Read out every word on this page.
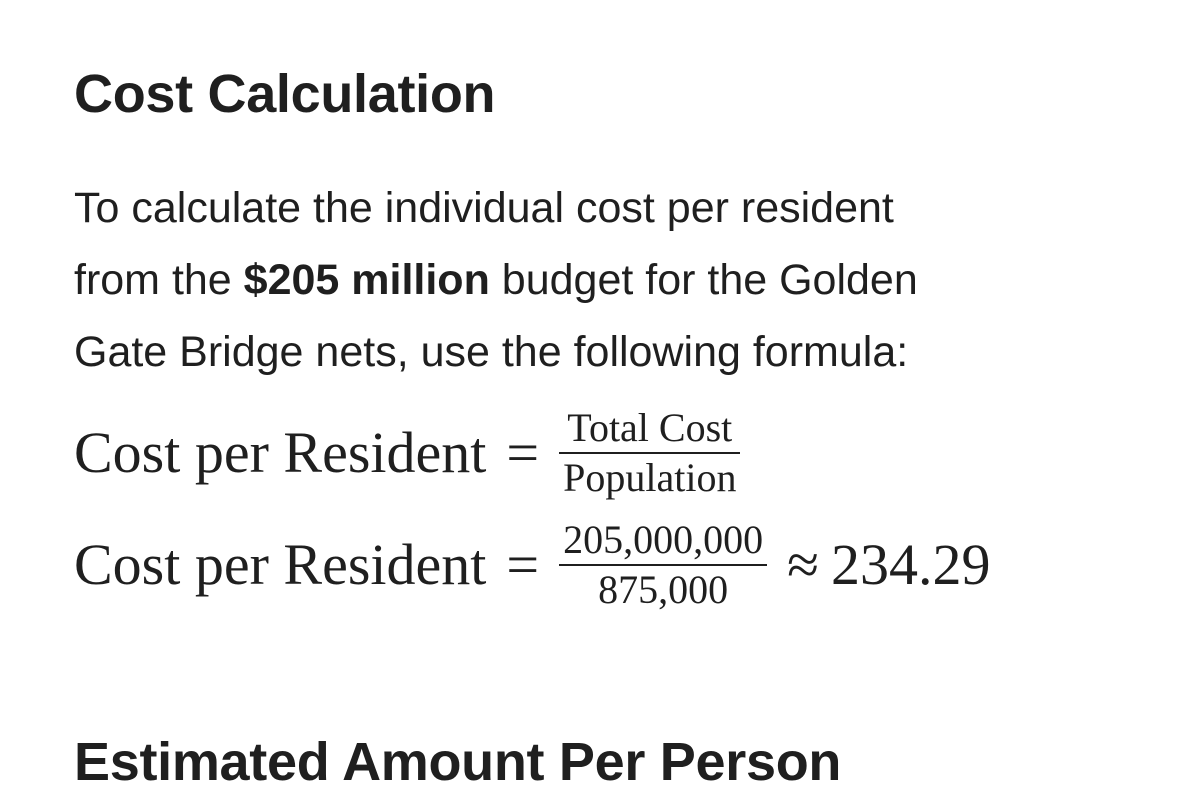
Cost Calculation

To calculate the individual cost per resident
from the $205 million budget for the Golden
Gate Bridge nets, use the following formula:

Cost per Resident = $\frac{\text{Total Cost}}{\text{Population}}$
Cost per Resident = $\frac{205,000,000}{875,000} \approx 234.29$
Estimated Amount Per Person
